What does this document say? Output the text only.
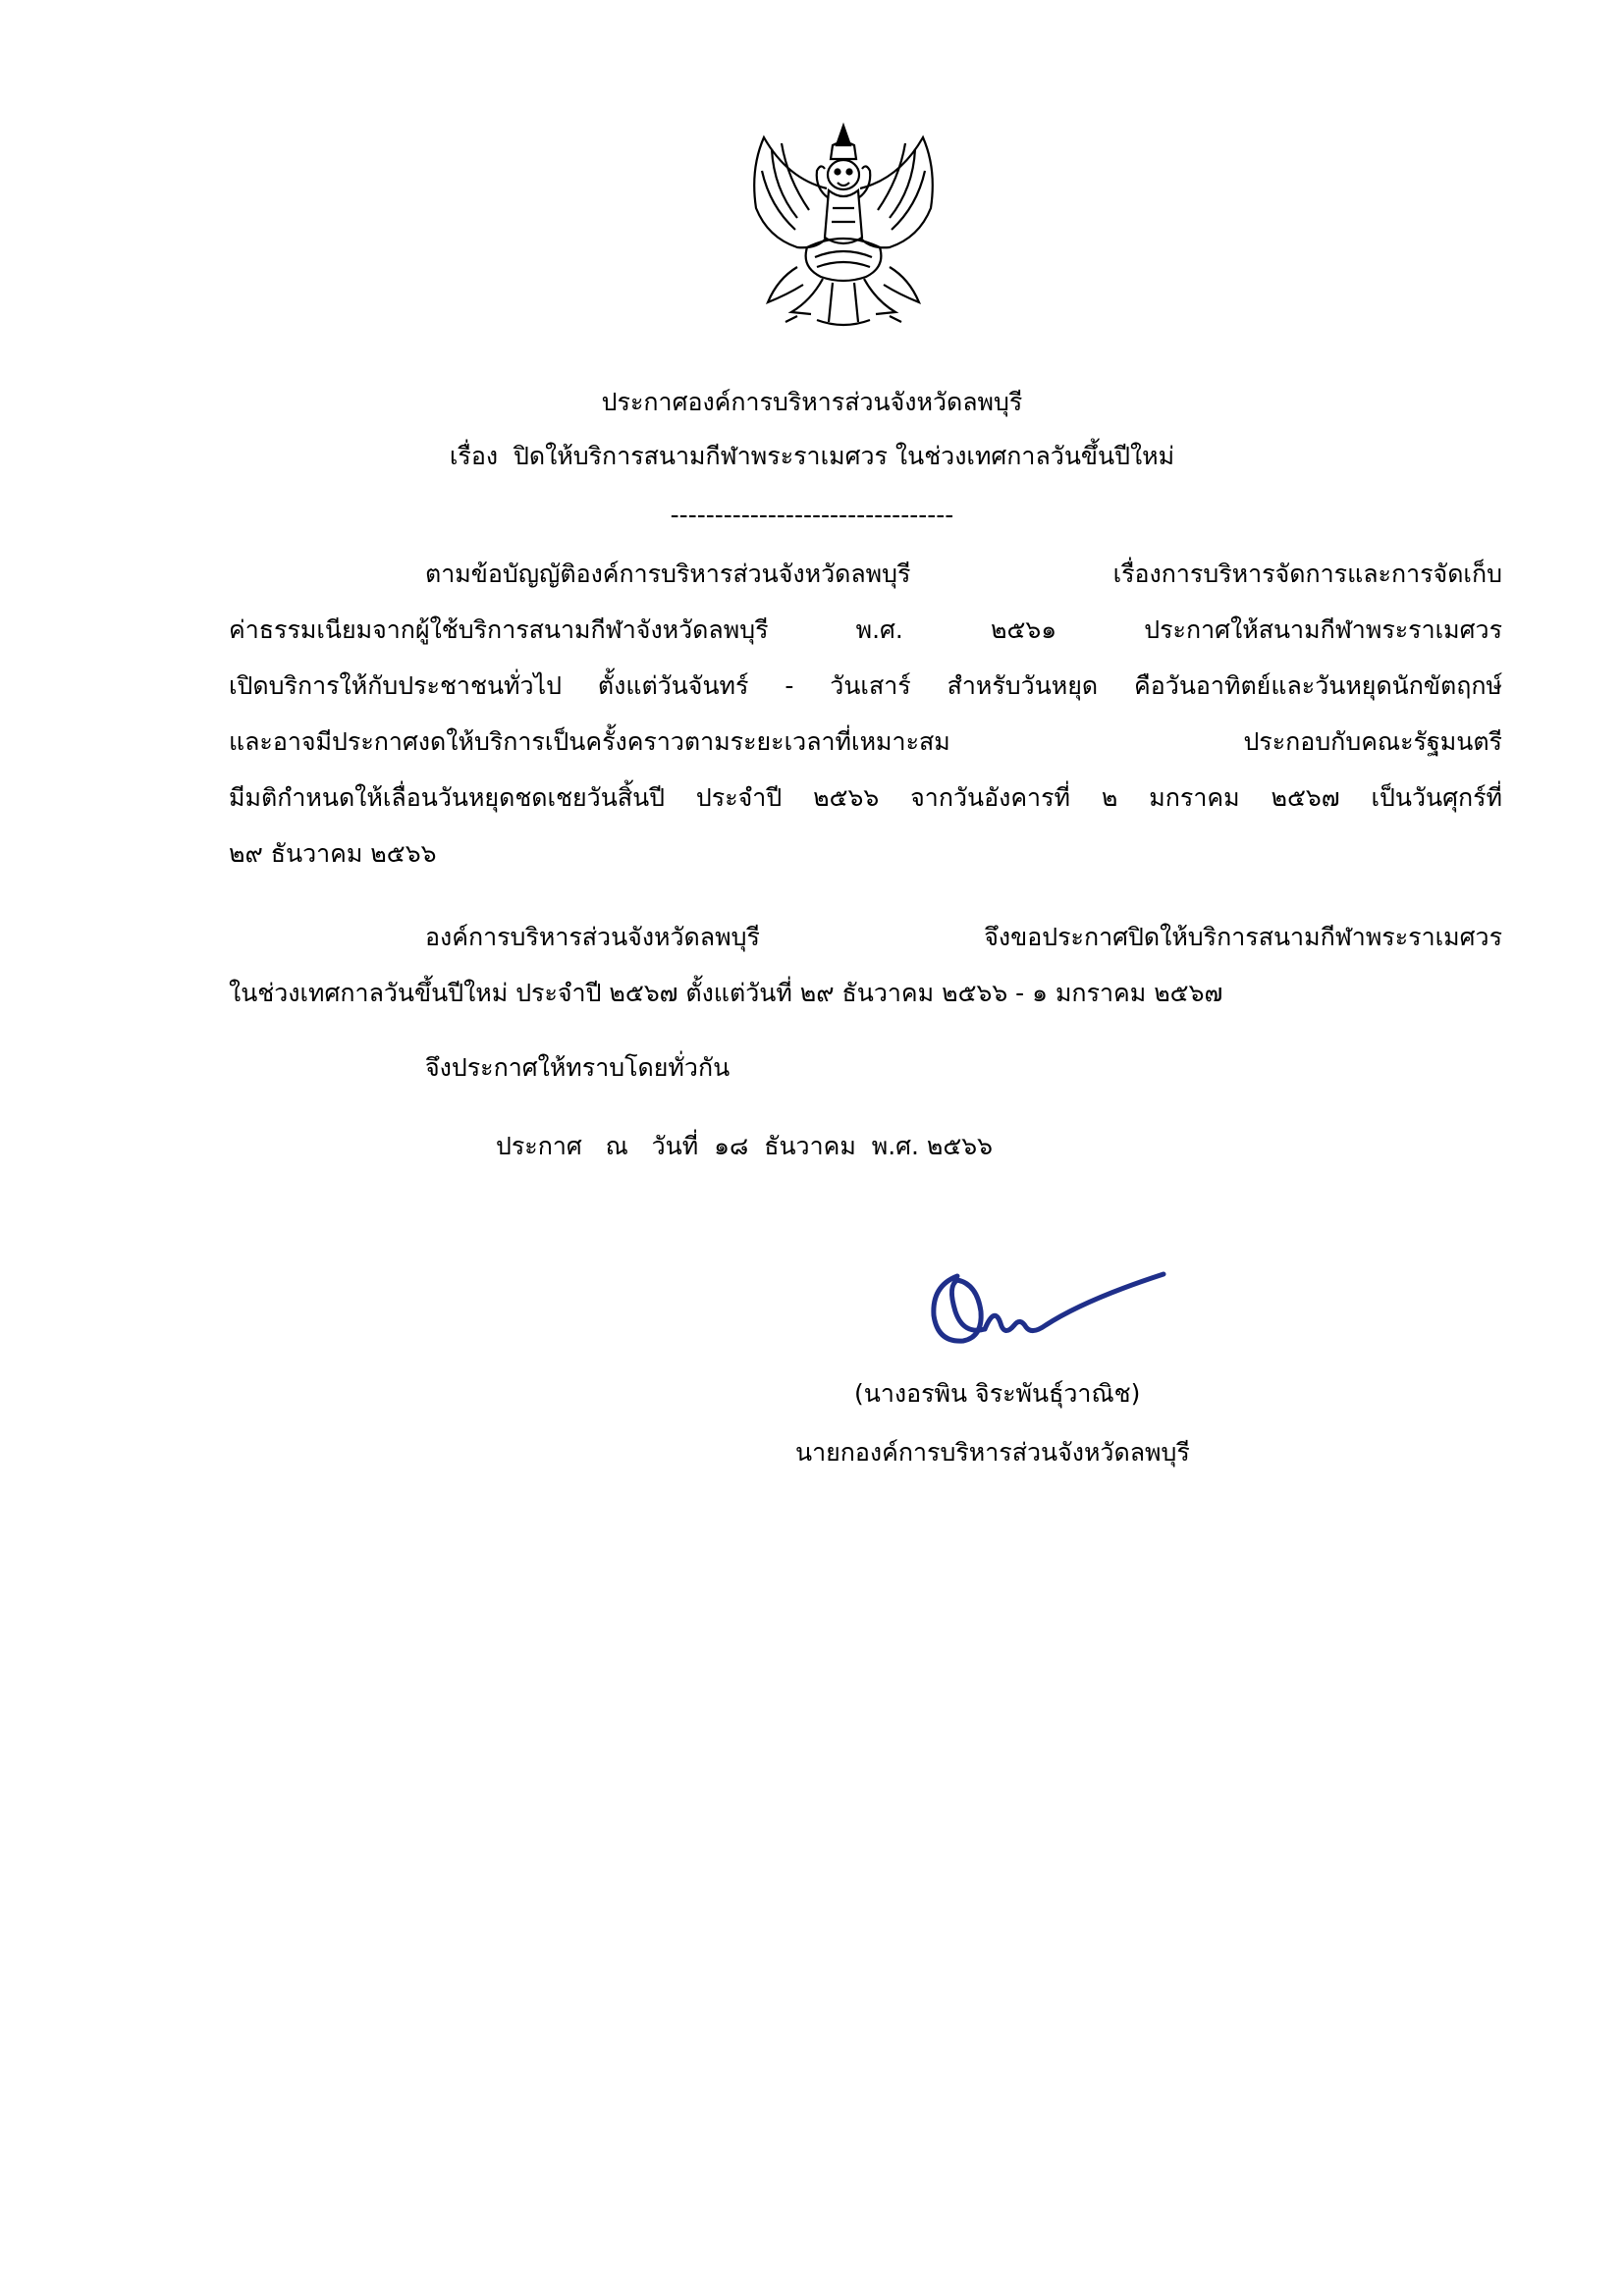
ประกาศองค์การบริหารส่วนจังหวัดลพบุรี
เรื่อง ปิดให้บริการสนามกีฬาพระราเมศวร ในช่วงเทศกาลวันขึ้นปีใหม่
--------------------------------
ตามข้อบัญญัติองค์การบริหารส่วนจังหวัดลพบุรี เรื่องการบริหารจัดการและการจัดเก็บ
ค่าธรรมเนียมจากผู้ใช้บริการสนามกีฬาจังหวัดลพบุรี พ.ศ. ๒๕๖๑ ประกาศให้สนามกีฬาพระราเมศวร
เปิดบริการให้กับประชาชนทั่วไป ตั้งแต่วันจันทร์ - วันเสาร์ สำหรับวันหยุด คือวันอาทิตย์และวันหยุดนักขัตฤกษ์
และอาจมีประกาศงดให้บริการเป็นครั้งคราวตามระยะเวลาที่เหมาะสม ประกอบกับคณะรัฐมนตรี
มีมติกำหนดให้เลื่อนวันหยุดชดเชยวันสิ้นปี ประจำปี ๒๕๖๖ จากวันอังคารที่ ๒ มกราคม ๒๕๖๗ เป็นวันศุกร์ที่
๒๙ ธันวาคม ๒๕๖๖
องค์การบริหารส่วนจังหวัดลพบุรี จึงขอประกาศปิดให้บริการสนามกีฬาพระราเมศวร
ในช่วงเทศกาลวันขึ้นปีใหม่ ประจำปี ๒๕๖๗ ตั้งแต่วันที่ ๒๙ ธันวาคม ๒๕๖๖ - ๑ มกราคม ๒๕๖๗
จึงประกาศให้ทราบโดยทั่วกัน
ประกาศ   ณ   วันที่  ๑๘  ธันวาคม  พ.ศ. ๒๕๖๖
(นางอรพิน จิระพันธุ์วาณิช)
นายกองค์การบริหารส่วนจังหวัดลพบุรี
